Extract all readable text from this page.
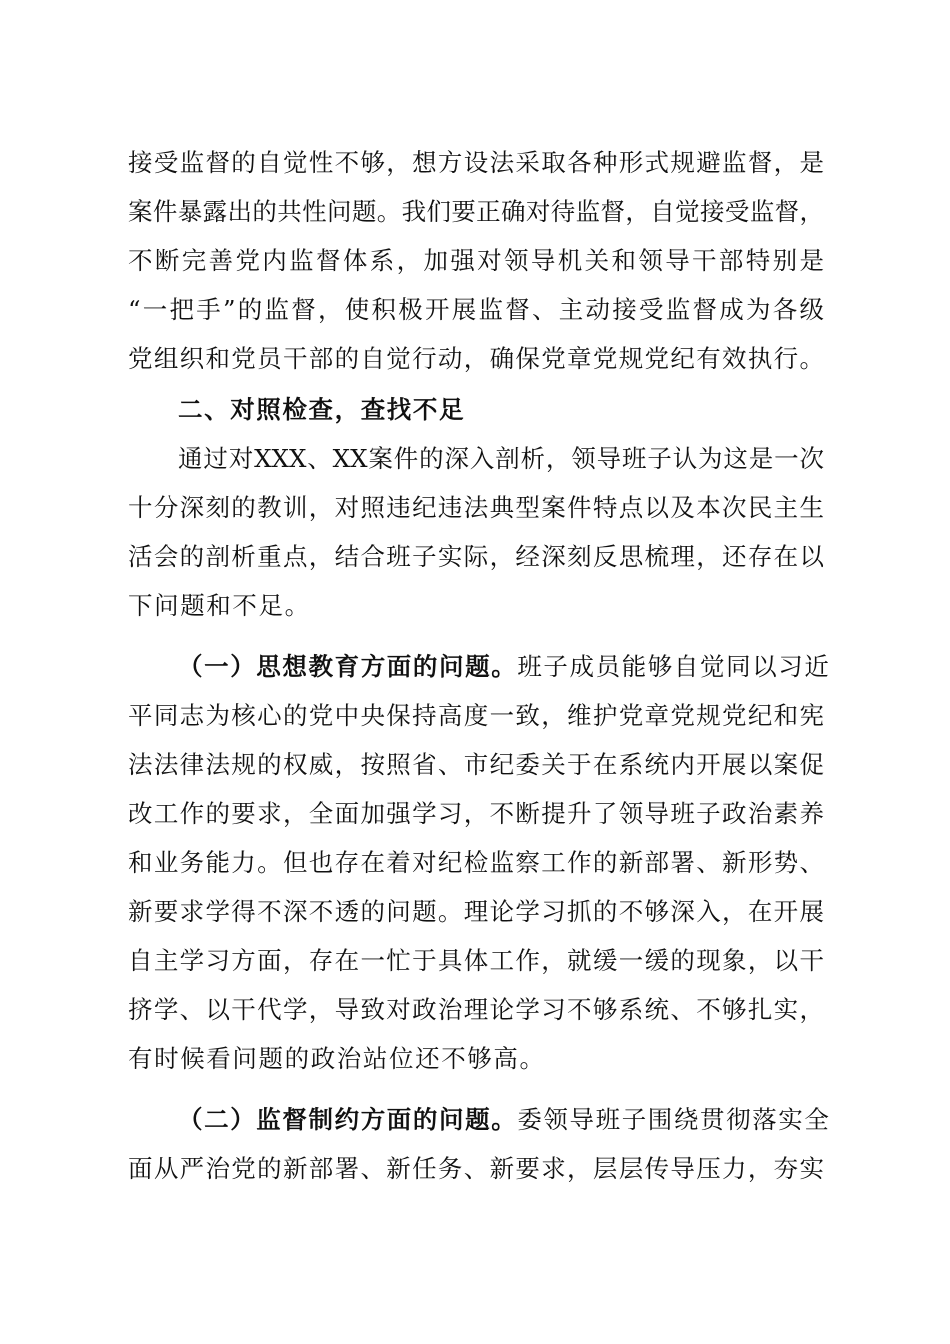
接受监督的自觉性不够，想方设法采取各种形式规避监督，是
案件暴露出的共性问题。我们要正确对待监督，自觉接受监督，
不断完善党内监督体系，加强对领导机关和领导干部特别是
“一把手”的监督，使积极开展监督、主动接受监督成为各级
党组织和党员干部的自觉行动，确保党章党规党纪有效执行。
二、对照检查，查找不足
通过对XXX、XX案件的深入剖析，领导班子认为这是一次
十分深刻的教训，对照违纪违法典型案件特点以及本次民主生
活会的剖析重点，结合班子实际，经深刻反思梳理，还存在以
下问题和不足。
（一）思想教育方面的问题。班子成员能够自觉同以习近
平同志为核心的党中央保持高度一致，维护党章党规党纪和宪
法法律法规的权威，按照省、市纪委关于在系统内开展以案促
改工作的要求，全面加强学习，不断提升了领导班子政治素养
和业务能力。但也存在着对纪检监察工作的新部署、新形势、
新要求学得不深不透的问题。理论学习抓的不够深入，在开展
自主学习方面，存在一忙于具体工作，就缓一缓的现象，以干
挤学、以干代学，导致对政治理论学习不够系统、不够扎实，
有时候看问题的政治站位还不够高。
（二）监督制约方面的问题。委领导班子围绕贯彻落实全
面从严治党的新部署、新任务、新要求，层层传导压力，夯实
